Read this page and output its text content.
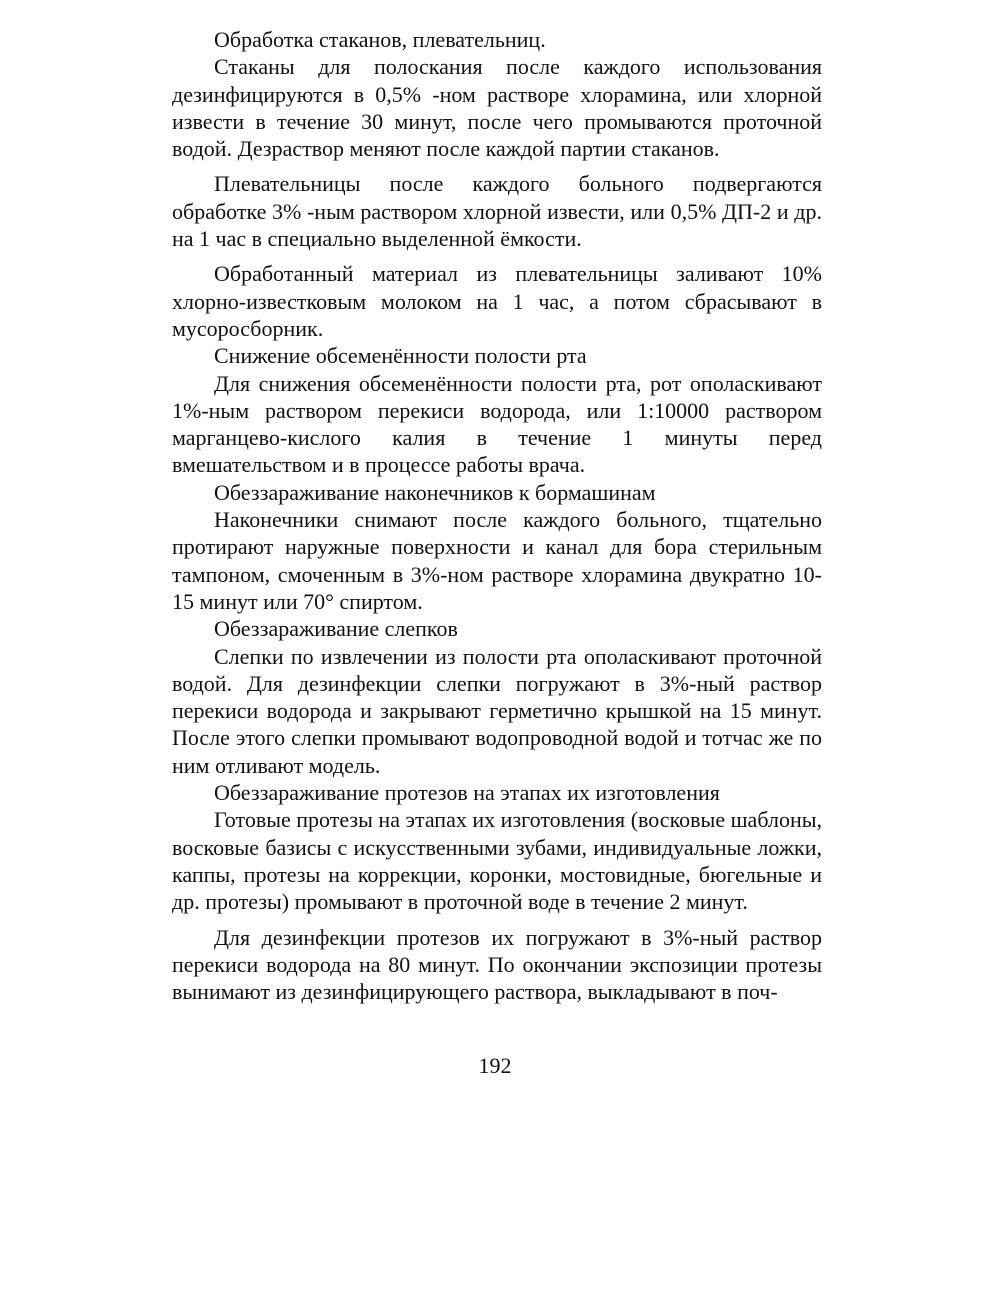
Обработка стаканов, плевательниц.

Стаканы для полоскания после каждого использования дезинфицируются в 0,5% -ном растворе хлорамина, или хлорной извести в течение 30 минут, после чего промываются проточной водой. Дезраствор меняют после каждой партии стаканов.

Плевательницы после каждого больного подвергаются обработке 3% -ным раствором хлорной извести, или 0,5% ДП-2 и др. на 1 час в специально выделенной ёмкости.

Обработанный материал из плевательницы заливают 10% хлорно-известковым молоком на 1 час, а потом сбрасывают в мусоросборник.

Снижение обсеменённости полости рта

Для снижения обсеменённости полости рта, рот ополаскивают 1%-ным раствором перекиси водорода, или 1:10000 раствором марганцево-кислого калия в течение 1 минуты перед вмешательством и в процессе работы врача.

Обеззараживание наконечников к бормашинам

Наконечники снимают после каждого больного, тщательно протирают наружные поверхности и канал для бора стерильным тампоном, смоченным в 3%-ном растворе хлорамина двукратно 10-15 минут или 70° спиртом.

Обеззараживание слепков

Слепки по извлечении из полости рта ополаскивают проточной водой. Для дезинфекции слепки погружают в 3%-ный раствор перекиси водорода и закрывают герметично крышкой на 15 минут. После этого слепки промывают водопроводной водой и тотчас же по ним отливают модель.

Обеззараживание протезов на этапах их изготовления

Готовые протезы на этапах их изготовления (восковые шаблоны, восковые базисы с искусственными зубами, индивидуальные ложки, каппы, протезы на коррекции, коронки, мостовидные, бюгельные и др. протезы) промывают в проточной воде в течение 2 минут.

Для дезинфекции протезов их погружают в 3%-ный раствор перекиси водорода на 80 минут. По окончании экспозиции протезы вынимают из дезинфицирующего раствора, выкладывают в поч-

192
